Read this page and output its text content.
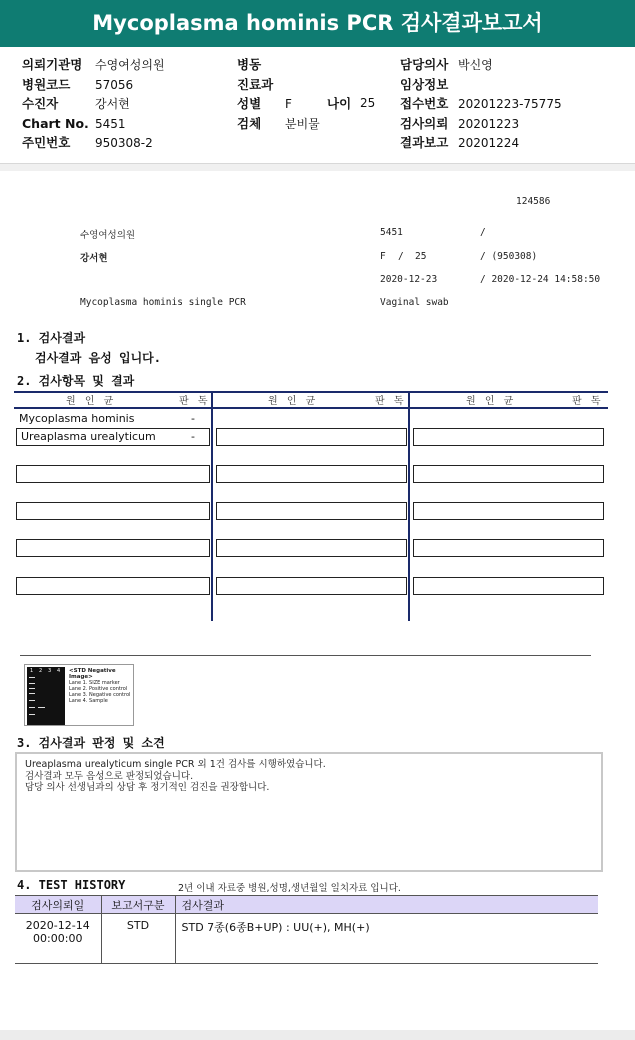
Mycoplasma hominis PCR 검사결과보고서
의뢰기관명 수영여성의원
병원코드 57056
수진자	강서현
Chart No. 5451
주민번호 950308-2
병동
진료과
성별 F
검체 분비물
나이 25
담당의사 박신영
임상정보
접수번호 20201223-75775
검사의뢰 20201223
결과보고 20201224
124586
수영여성의원	5451	/
강서현	F / 25	/ (950308)
2020-12-23	/ 2020-12-24 14:58:50
Mycoplasma hominis single PCR	Vaginal swab
1. 검사결과
검사결과 음성 입니다.
2. 검사항목 및 결과
원 인 균	판 독	원 인 균	판 독	원 인 균	판 독
Mycoplasma hominis	-
Ureaplasma urealyticum	-
1 2 3 4 <STD Negative Image>
Lane 1. SIZE marker
Lane 2. Positive control
Lane 3. Negative control
Lane 4. Sample
3. 검사결과 판정 및 소견
Ureaplasma urealyticum single PCR 외 1건 검사를 시행하였습니다.
검사결과 모두 음성으로 판정되었습니다.
담당 의사 선생님과의 상담 후 정기적인 검진을 권장합니다.
4. TEST HISTORY	2년 이내 자료중 병원,성명,생년월일 일치자료 입니다.
검사의뢰일	보고서구분	검사결과
2020-12-14
00:00:00	STD	STD 7종(6종B+UP) : UU(+), MH(+)
